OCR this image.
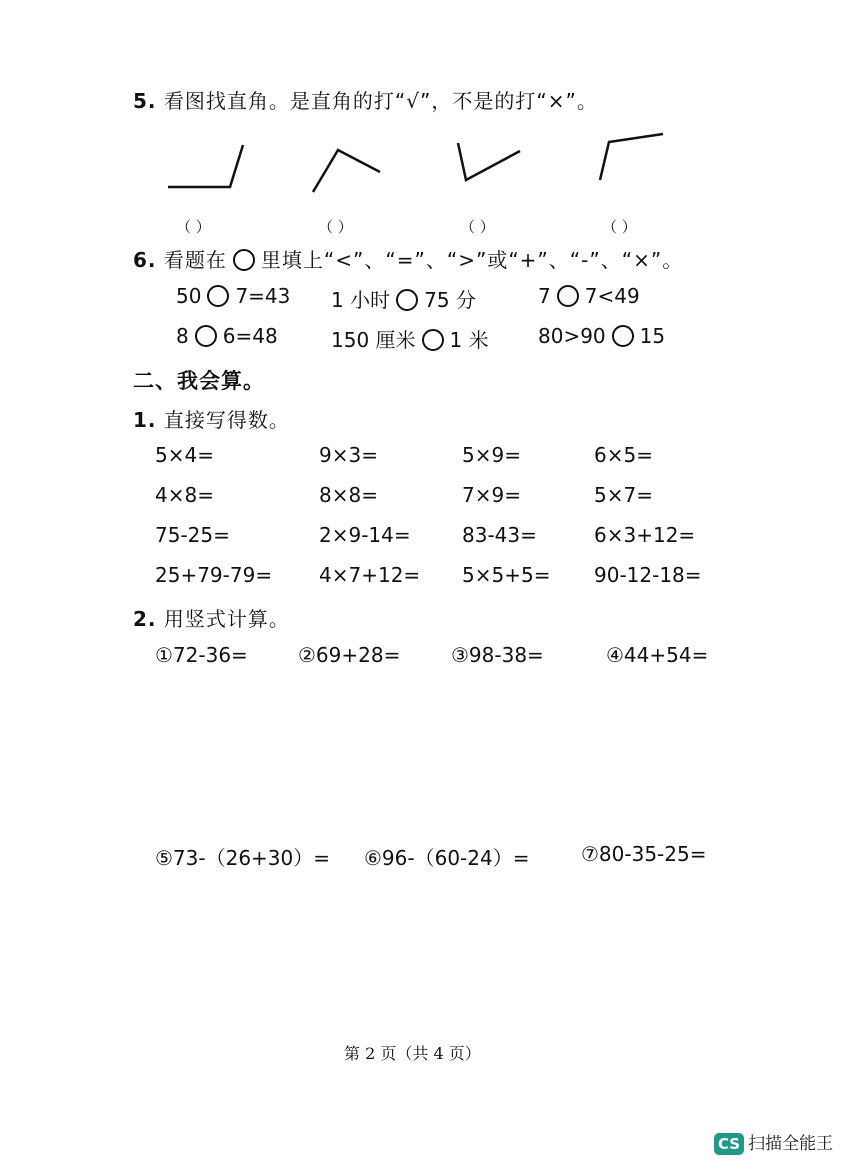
5. 看图找直角。是直角的打“√”，不是的打“×”。
（ ）	（ ）	（ ）	（ ）
6. 看题在 里填上“<”、“=”、“>”或“+”、“-”、“×”。
50 7=43 1 小时 75 分	7 7<49
8 6=48	150 厘米 1 米 80>90 15
二、我会算。
1. 直接写得数。
5×4=	9×3=	5×9=	6×5=
4×8=	8×8=	7×9=	5×7=
75-25=	2×9-14=	83-43=	6×3+12=
25+79-79= 4×7+12= 5×5+5= 90-12-18=
2. 用竖式计算。
①72-36=	②69+28=	③98-38=	④44+54=
⑤73-（26+30）= ⑥96-（60-24）=	⑦80-35-25=
第 2 页（共 4 页）
CS 扫描全能王
